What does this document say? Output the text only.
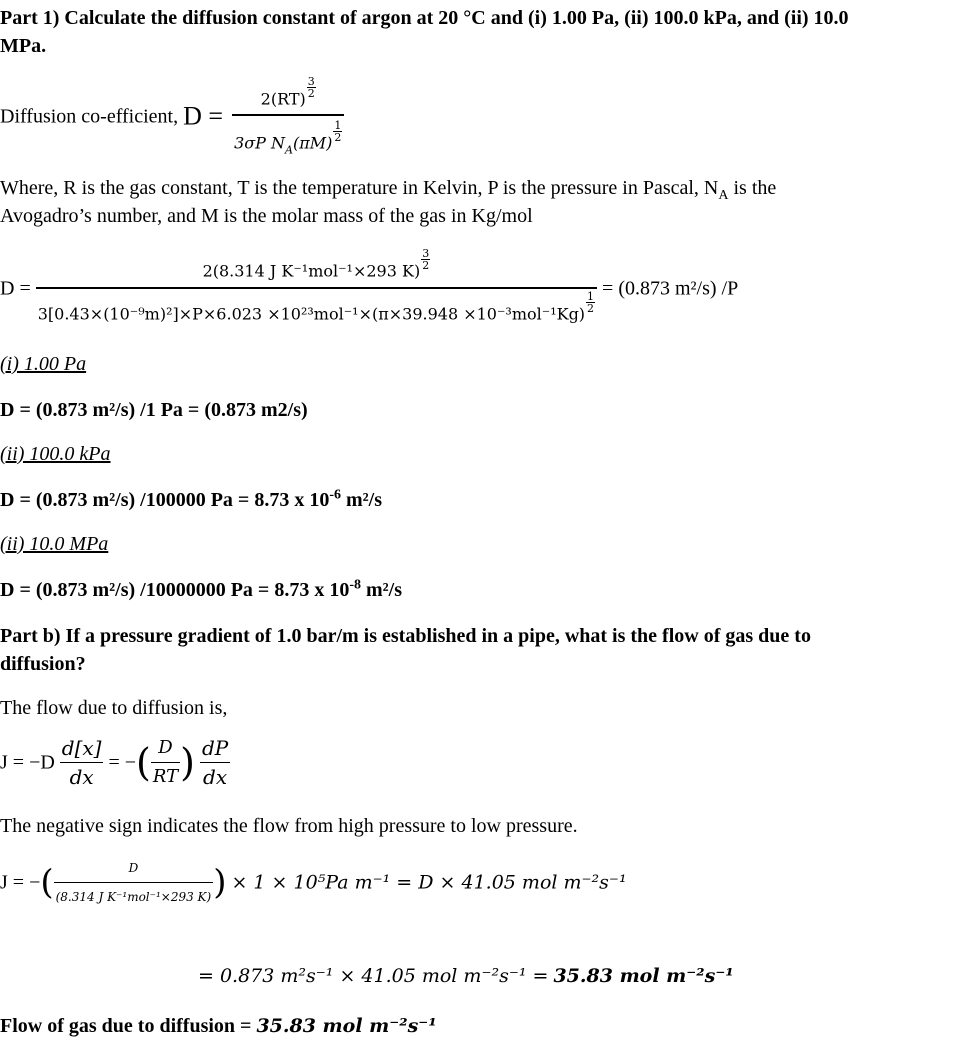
Part 1) Calculate the diffusion constant of argon at 20 °C and (i) 1.00 Pa, (ii) 100.0 kPa, and (ii) 10.0
MPa.
Diffusion co-efficient, D = 2(RT)
$\frac{3}{2}$
3σP $N_A(\pi M)$
$\frac{1}{2}$
Where, R is the gas constant, T is the temperature in Kelvin, P is the pressure in Pascal, $N_A$ is the
Avogadro’s number, and M is the molar mass of the gas in Kg/mol
D =
2(8.314 J K⁻¹mol⁻¹×293 K)
$\frac{3}{2}$
3[0.43×(10⁻⁹m)²]×P×6.023 ×10²³mol⁻¹×(π×39.948 ×10⁻³mol⁻¹Kg)
$\frac{1}{2}$
= (0.873 m²/s) /P
(i) 1.00 Pa
D = (0.873 m²/s) /1 Pa = (0.873 m2/s)
(ii) 100.0 kPa
D = (0.873 m²/s) /100000 Pa = 8.73 x $10^{-6}$ m²/s
(ii) 10.0 MPa
D = (0.873 m²/s) /10000000 Pa = 8.73 x $10^{-8}$ m²/s
Part b) If a pressure gradient of 1.0 bar/m is established in a pipe, what is the flow of gas due to
diffusion?
The flow due to diffusion is,
$J = -D \frac{d[x]}{dx}$ = −( $\frac{D}{RT}$ ) $\frac{dP}{dx}$
The negative sign indicates the flow from high pressure to low pressure.
J = −( $\frac{D}{\text{(8.314 J K⁻¹mol⁻¹×293 K)}}$ ) × 1 × 10⁵Pa m⁻¹ = D × 41.05 mol m⁻²s⁻¹
= 0.873 m²s⁻¹ × 41.05 mol m⁻²s⁻¹ = 35.83 mol m⁻²s⁻¹
Flow of gas due to diffusion = 35.83 mol m⁻²s⁻¹
